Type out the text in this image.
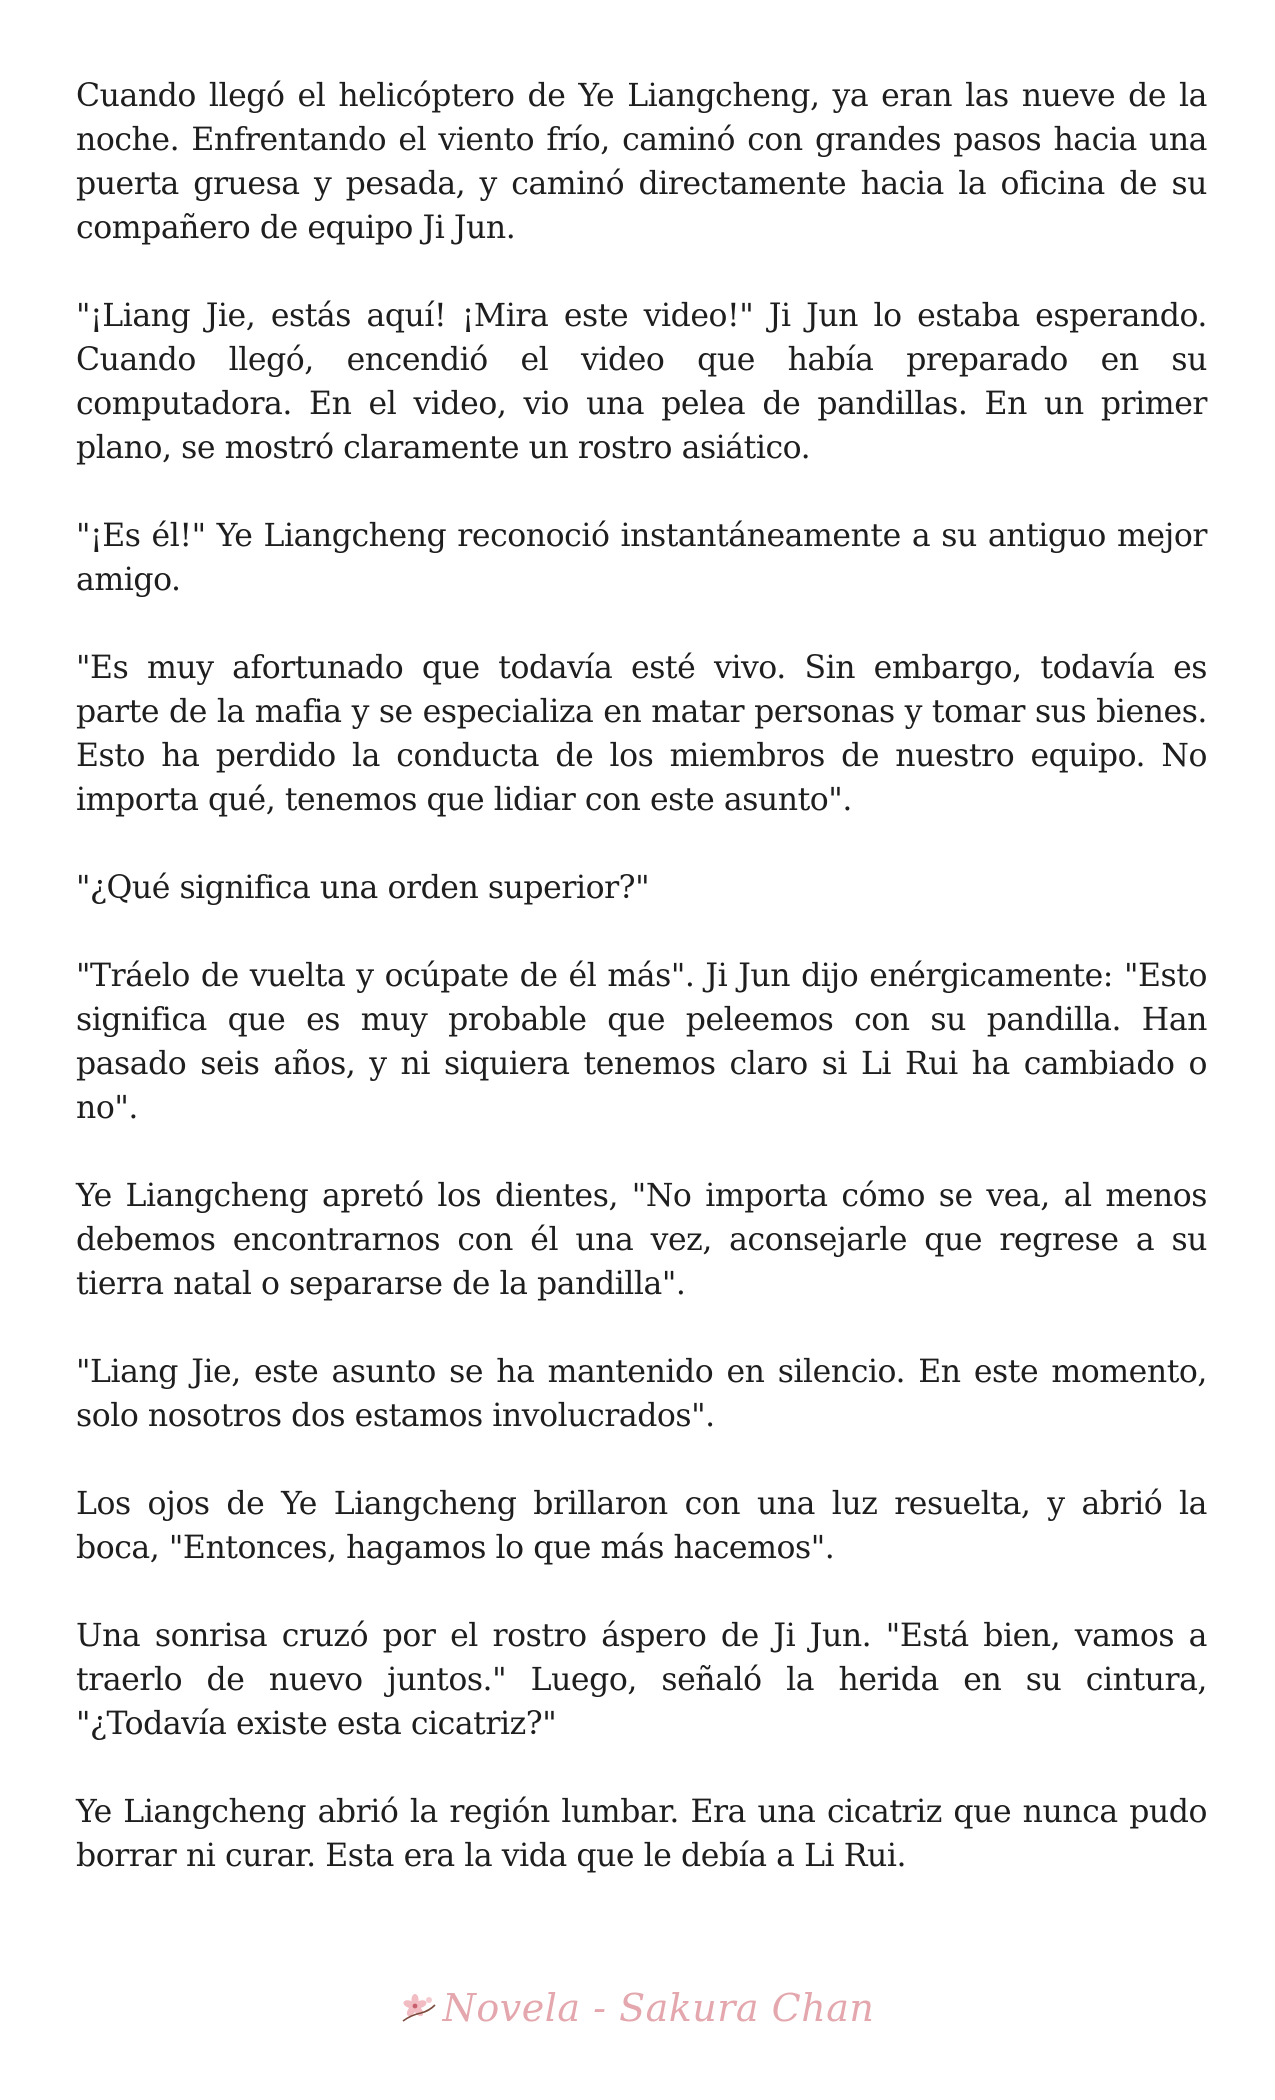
Cuando llegó el helicóptero de Ye Liangcheng, ya eran las nueve de la noche. Enfrentando el viento frío, caminó con grandes pasos hacia una puerta gruesa y pesada, y caminó directamente hacia la oficina de su compañero de equipo Ji Jun.

"¡Liang Jie, estás aquí! ¡Mira este video!" Ji Jun lo estaba esperando. Cuando llegó, encendió el video que había preparado en su computadora. En el video, vio una pelea de pandillas. En un primer plano, se mostró claramente un rostro asiático.

"¡Es él!" Ye Liangcheng reconoció instantáneamente a su antiguo mejor amigo.

"Es muy afortunado que todavía esté vivo. Sin embargo, todavía es parte de la mafia y se especializa en matar personas y tomar sus bienes. Esto ha perdido la conducta de los miembros de nuestro equipo. No importa qué, tenemos que lidiar con este asunto".

"¿Qué significa una orden superior?"

"Tráelo de vuelta y ocúpate de él más". Ji Jun dijo enérgicamente: "Esto significa que es muy probable que peleemos con su pandilla. Han pasado seis años, y ni siquiera tenemos claro si Li Rui ha cambiado o no".

Ye Liangcheng apretó los dientes, "No importa cómo se vea, al menos debemos encontrarnos con él una vez, aconsejarle que regrese a su tierra natal o separarse de la pandilla".

"Liang Jie, este asunto se ha mantenido en silencio. En este momento, solo nosotros dos estamos involucrados".

Los ojos de Ye Liangcheng brillaron con una luz resuelta, y abrió la boca, "Entonces, hagamos lo que más hacemos".

Una sonrisa cruzó por el rostro áspero de Ji Jun. "Está bien, vamos a traerlo de nuevo juntos." Luego, señaló la herida en su cintura, "¿Todavía existe esta cicatriz?"

Ye Liangcheng abrió la región lumbar. Era una cicatriz que nunca pudo borrar ni curar. Esta era la vida que le debía a Li Rui.

Novela - Sakura Chan
